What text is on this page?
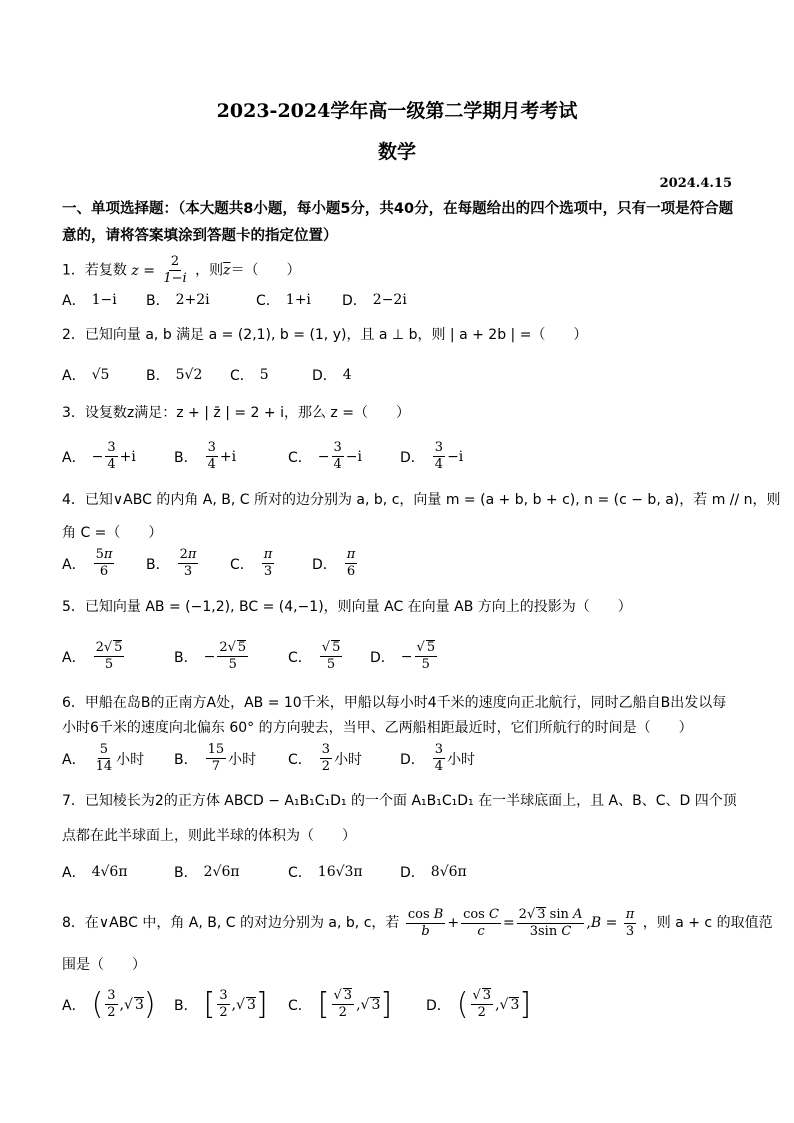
2023-2024学年高一级第二学期月考考试
数学
2024.4.15
一、单项选择题：（本大题共8小题，每小题5分，共40分，在每题给出的四个选项中，只有一项是符合题意的，请将答案填涂到答题卡的指定位置）
1．若复数 $z = \frac{2}{1-i}$ ，则$\overline{z}=$（　　）
A． 1−i B． 2+2i	C． 1+i D． 2−2i
2．已知向量 a, b 满足 a = (2,1), b = (1, y)，且 a ⊥ b，则 | a + 2b | =（　　）
A． √5	B． 5√2 C． 5	D． 4
3．设复数z满足：z + | z̄ | = 2 + i，那么 z =（　　）
A． − $\frac{3}{4} +i$	B． $\frac{3}{4} +i$	C． − $\frac{3}{4} -i$	D． $\frac{3}{4} -i$
4．已知∨ABC 的内角 A, B, C 所对的边分别为 a, b, c，向量 m = (a + b, b + c), n = (c − b, a)，若 m // n，则
角 C =（　　）
A． $\frac{5\pi}{6}$ B． $\frac{2\pi}{3}$ C． $\frac{\pi}{3}$	D． $\frac{\pi}{6}$
5．已知向量 AB = (−1,2), BC = (4,−1)，则向量 AC 在向量 AB 方向上的投影为（　　）
A． $\frac{2√ 5}{5}$	B． − $\frac{2√ 5}{5}$	C． $\frac{√ 5}{5}$ D． − $\frac{√ 5}{5}$
6．甲船在岛B的正南方A处，AB = 10千米，甲船以每小时4千米的速度向正北航行，同时乙船自B出发以每
小时6千米的速度向北偏东 60° 的方向驶去，当甲、乙两船相距最近时，它们所航行的时间是（　　）
A． $\frac{5}{14}$ 小时 B． $\frac{15}{7}$ 小时 C． $\frac{3}{2}$ 小时	D． $\frac{3}{4}$ 小时
7．已知棱长为2的正方体 ABCD − A₁B₁C₁D₁ 的一个面 A₁B₁C₁D₁ 在一半球底面上，且 A、B、C、D 四个顶
点都在此半球面上，则此半球的体积为（　　）
A． 4√6π	B． 2√6π	C． 16√3π	D． 8√6π
8．在∨ABC 中，角 A, B, C 的对边分别为 a, b, c，若 $\frac{\text{cos B}}{b} + \frac{\text{cos C}}{c} = \frac{\text{2√ 3 sin A}}{\text{3sin C}} ,B = \frac{\pi}{3}$ ，则 a + c 的取值范
围是（　　）
A． ( $\frac{3}{2}$ ,√ 3 ) B． [ $\frac{3}{2}$ ,√ 3 ] C． [ $\frac{√ 3}{2}$ ,√ 3 ] D． ( $\frac{√ 3}{2}$ ,√ 3 ]
